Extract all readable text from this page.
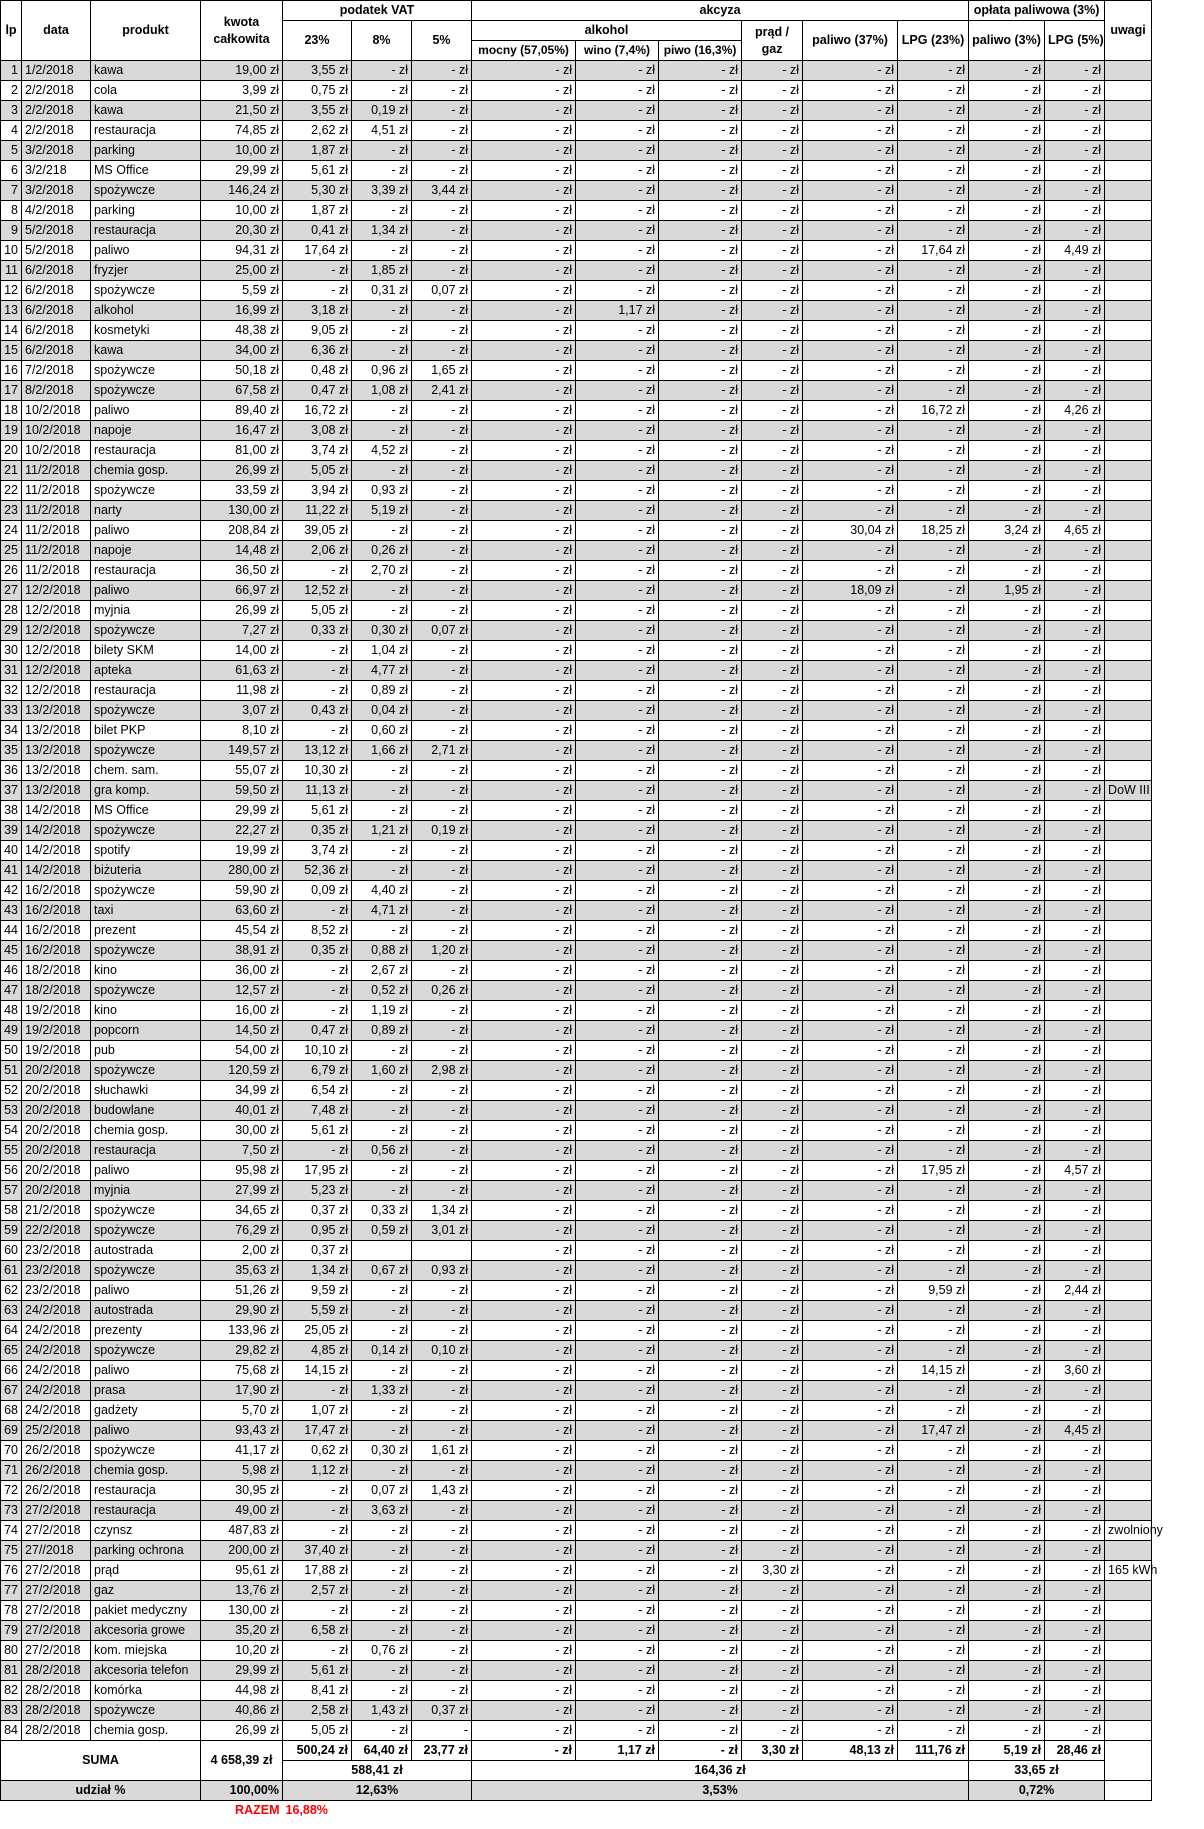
lp	data	produkt	kwota całkowita	podatek VAT			akcyza						opłata paliwowa (3%)		uwagi
				23%	8%	5%	alkohol			prąd / gaz	paliwo (37%)	LPG (23%)	paliwo (3%)	LPG (5%)	
							mocny (57,05%)	wino (7,4%)	piwo (16,3%)						
1	1/2/2018	kawa	19,00 zł	3,55 zł	- zł	- zł	- zł	- zł	- zł	- zł	- zł	- zł	- zł	- zł	
2	2/2/2018	cola	3,99 zł	0,75 zł	- zł	- zł	- zł	- zł	- zł	- zł	- zł	- zł	- zł	- zł	
3	2/2/2018	kawa	21,50 zł	3,55 zł	0,19 zł	- zł	- zł	- zł	- zł	- zł	- zł	- zł	- zł	- zł	
4	2/2/2018	restauracja	74,85 zł	2,62 zł	4,51 zł	- zł	- zł	- zł	- zł	- zł	- zł	- zł	- zł	- zł	
5	3/2/2018	parking	10,00 zł	1,87 zł	- zł	- zł	- zł	- zł	- zł	- zł	- zł	- zł	- zł	- zł	
6	3/2/218	MS Office	29,99 zł	5,61 zł	- zł	- zł	- zł	- zł	- zł	- zł	- zł	- zł	- zł	- zł	
7	3/2/2018	spożywcze	146,24 zł	5,30 zł	3,39 zł	3,44 zł	- zł	- zł	- zł	- zł	- zł	- zł	- zł	- zł	
8	4/2/2018	parking	10,00 zł	1,87 zł	- zł	- zł	- zł	- zł	- zł	- zł	- zł	- zł	- zł	- zł	
9	5/2/2018	restauracja	20,30 zł	0,41 zł	1,34 zł	- zł	- zł	- zł	- zł	- zł	- zł	- zł	- zł	- zł	
10	5/2/2018	paliwo	94,31 zł	17,64 zł	- zł	- zł	- zł	- zł	- zł	- zł	- zł	17,64 zł	- zł	4,49 zł	
11	6/2/2018	fryzjer	25,00 zł	- zł	1,85 zł	- zł	- zł	- zł	- zł	- zł	- zł	- zł	- zł	- zł	
12	6/2/2018	spożywcze	5,59 zł	- zł	0,31 zł	0,07 zł	- zł	- zł	- zł	- zł	- zł	- zł	- zł	- zł	
13	6/2/2018	alkohol	16,99 zł	3,18 zł	- zł	- zł	- zł	1,17 zł	- zł	- zł	- zł	- zł	- zł	- zł	
14	6/2/2018	kosmetyki	48,38 zł	9,05 zł	- zł	- zł	- zł	- zł	- zł	- zł	- zł	- zł	- zł	- zł	
15	6/2/2018	kawa	34,00 zł	6,36 zł	- zł	- zł	- zł	- zł	- zł	- zł	- zł	- zł	- zł	- zł	
16	7/2/2018	spożywcze	50,18 zł	0,48 zł	0,96 zł	1,65 zł	- zł	- zł	- zł	- zł	- zł	- zł	- zł	- zł	
17	8/2/2018	spożywcze	67,58 zł	0,47 zł	1,08 zł	2,41 zł	- zł	- zł	- zł	- zł	- zł	- zł	- zł	- zł	
18	10/2/2018	paliwo	89,40 zł	16,72 zł	- zł	- zł	- zł	- zł	- zł	- zł	- zł	16,72 zł	- zł	4,26 zł	
19	10/2/2018	napoje	16,47 zł	3,08 zł	- zł	- zł	- zł	- zł	- zł	- zł	- zł	- zł	- zł	- zł	
20	10/2/2018	restauracja	81,00 zł	3,74 zł	4,52 zł	- zł	- zł	- zł	- zł	- zł	- zł	- zł	- zł	- zł	
21	11/2/2018	chemia gosp.	26,99 zł	5,05 zł	- zł	- zł	- zł	- zł	- zł	- zł	- zł	- zł	- zł	- zł	
22	11/2/2018	spożywcze	33,59 zł	3,94 zł	0,93 zł	- zł	- zł	- zł	- zł	- zł	- zł	- zł	- zł	- zł	
23	11/2/2018	narty	130,00 zł	11,22 zł	5,19 zł	- zł	- zł	- zł	- zł	- zł	- zł	- zł	- zł	- zł	
24	11/2/2018	paliwo	208,84 zł	39,05 zł	- zł	- zł	- zł	- zł	- zł	- zł	30,04 zł	18,25 zł	3,24 zł	4,65 zł	
25	11/2/2018	napoje	14,48 zł	2,06 zł	0,26 zł	- zł	- zł	- zł	- zł	- zł	- zł	- zł	- zł	- zł	
26	11/2/2018	restauracja	36,50 zł	- zł	2,70 zł	- zł	- zł	- zł	- zł	- zł	- zł	- zł	- zł	- zł	
27	12/2/2018	paliwo	66,97 zł	12,52 zł	- zł	- zł	- zł	- zł	- zł	- zł	18,09 zł	- zł	1,95 zł	- zł	
28	12/2/2018	myjnia	26,99 zł	5,05 zł	- zł	- zł	- zł	- zł	- zł	- zł	- zł	- zł	- zł	- zł	
29	12/2/2018	spożywcze	7,27 zł	0,33 zł	0,30 zł	0,07 zł	- zł	- zł	- zł	- zł	- zł	- zł	- zł	- zł	
30	12/2/2018	bilety SKM	14,00 zł	- zł	1,04 zł	- zł	- zł	- zł	- zł	- zł	- zł	- zł	- zł	- zł	
31	12/2/2018	apteka	61,63 zł	- zł	4,77 zł	- zł	- zł	- zł	- zł	- zł	- zł	- zł	- zł	- zł	
32	12/2/2018	restauracja	11,98 zł	- zł	0,89 zł	- zł	- zł	- zł	- zł	- zł	- zł	- zł	- zł	- zł	
33	13/2/2018	spożywcze	3,07 zł	0,43 zł	0,04 zł	- zł	- zł	- zł	- zł	- zł	- zł	- zł	- zł	- zł	
34	13/2/2018	bilet PKP	8,10 zł	- zł	0,60 zł	- zł	- zł	- zł	- zł	- zł	- zł	- zł	- zł	- zł	
35	13/2/2018	spożywcze	149,57 zł	13,12 zł	1,66 zł	2,71 zł	- zł	- zł	- zł	- zł	- zł	- zł	- zł	- zł	
36	13/2/2018	chem. sam.	55,07 zł	10,30 zł	- zł	- zł	- zł	- zł	- zł	- zł	- zł	- zł	- zł	- zł	
37	13/2/2018	gra komp.	59,50 zł	11,13 zł	- zł	- zł	- zł	- zł	- zł	- zł	- zł	- zł	- zł	- zł	DoW III
38	14/2/2018	MS Office	29,99 zł	5,61 zł	- zł	- zł	- zł	- zł	- zł	- zł	- zł	- zł	- zł	- zł	
39	14/2/2018	spożywcze	22,27 zł	0,35 zł	1,21 zł	0,19 zł	- zł	- zł	- zł	- zł	- zł	- zł	- zł	- zł	
40	14/2/2018	spotify	19,99 zł	3,74 zł	- zł	- zł	- zł	- zł	- zł	- zł	- zł	- zł	- zł	- zł	
41	14/2/2018	biżuteria	280,00 zł	52,36 zł	- zł	- zł	- zł	- zł	- zł	- zł	- zł	- zł	- zł	- zł	
42	16/2/2018	spożywcze	59,90 zł	0,09 zł	4,40 zł	- zł	- zł	- zł	- zł	- zł	- zł	- zł	- zł	- zł	
43	16/2/2018	taxi	63,60 zł	- zł	4,71 zł	- zł	- zł	- zł	- zł	- zł	- zł	- zł	- zł	- zł	
44	16/2/2018	prezent	45,54 zł	8,52 zł	- zł	- zł	- zł	- zł	- zł	- zł	- zł	- zł	- zł	- zł	
45	16/2/2018	spożywcze	38,91 zł	0,35 zł	0,88 zł	1,20 zł	- zł	- zł	- zł	- zł	- zł	- zł	- zł	- zł	
46	18/2/2018	kino	36,00 zł	- zł	2,67 zł	- zł	- zł	- zł	- zł	- zł	- zł	- zł	- zł	- zł	
47	18/2/2018	spożywcze	12,57 zł	- zł	0,52 zł	0,26 zł	- zł	- zł	- zł	- zł	- zł	- zł	- zł	- zł	
48	19/2/2018	kino	16,00 zł	- zł	1,19 zł	- zł	- zł	- zł	- zł	- zł	- zł	- zł	- zł	- zł	
49	19/2/2018	popcorn	14,50 zł	0,47 zł	0,89 zł	- zł	- zł	- zł	- zł	- zł	- zł	- zł	- zł	- zł	
50	19/2/2018	pub	54,00 zł	10,10 zł	- zł	- zł	- zł	- zł	- zł	- zł	- zł	- zł	- zł	- zł	
51	20/2/2018	spożywcze	120,59 zł	6,79 zł	1,60 zł	2,98 zł	- zł	- zł	- zł	- zł	- zł	- zł	- zł	- zł	
52	20/2/2018	słuchawki	34,99 zł	6,54 zł	- zł	- zł	- zł	- zł	- zł	- zł	- zł	- zł	- zł	- zł	
53	20/2/2018	budowlane	40,01 zł	7,48 zł	- zł	- zł	- zł	- zł	- zł	- zł	- zł	- zł	- zł	- zł	
54	20/2/2018	chemia gosp.	30,00 zł	5,61 zł	- zł	- zł	- zł	- zł	- zł	- zł	- zł	- zł	- zł	- zł	
55	20/2/2018	restauracja	7,50 zł	- zł	0,56 zł	- zł	- zł	- zł	- zł	- zł	- zł	- zł	- zł	- zł	
56	20/2/2018	paliwo	95,98 zł	17,95 zł	- zł	- zł	- zł	- zł	- zł	- zł	- zł	17,95 zł	- zł	4,57 zł	
57	20/2/2018	myjnia	27,99 zł	5,23 zł	- zł	- zł	- zł	- zł	- zł	- zł	- zł	- zł	- zł	- zł	
58	21/2/2018	spożywcze	34,65 zł	0,37 zł	0,33 zł	1,34 zł	- zł	- zł	- zł	- zł	- zł	- zł	- zł	- zł	
59	22/2/2018	spożywcze	76,29 zł	0,95 zł	0,59 zł	3,01 zł	- zł	- zł	- zł	- zł	- zł	- zł	- zł	- zł	
60	23/2/2018	autostrada	2,00 zł	0,37 zł			- zł	- zł	- zł	- zł	- zł	- zł	- zł	- zł	
61	23/2/2018	spożywcze	35,63 zł	1,34 zł	0,67 zł	0,93 zł	- zł	- zł	- zł	- zł	- zł	- zł	- zł	- zł	
62	23/2/2018	paliwo	51,26 zł	9,59 zł	- zł	- zł	- zł	- zł	- zł	- zł	- zł	9,59 zł	- zł	2,44 zł	
63	24/2/2018	autostrada	29,90 zł	5,59 zł	- zł	- zł	- zł	- zł	- zł	- zł	- zł	- zł	- zł	- zł	
64	24/2/2018	prezenty	133,96 zł	25,05 zł	- zł	- zł	- zł	- zł	- zł	- zł	- zł	- zł	- zł	- zł	
65	24/2/2018	spożywcze	29,82 zł	4,85 zł	0,14 zł	0,10 zł	- zł	- zł	- zł	- zł	- zł	- zł	- zł	- zł	
66	24/2/2018	paliwo	75,68 zł	14,15 zł	- zł	- zł	- zł	- zł	- zł	- zł	- zł	14,15 zł	- zł	3,60 zł	
67	24/2/2018	prasa	17,90 zł	- zł	1,33 zł	- zł	- zł	- zł	- zł	- zł	- zł	- zł	- zł	- zł	
68	24/2/2018	gadżety	5,70 zł	1,07 zł	- zł	- zł	- zł	- zł	- zł	- zł	- zł	- zł	- zł	- zł	
69	25/2/2018	paliwo	93,43 zł	17,47 zł	- zł	- zł	- zł	- zł	- zł	- zł	- zł	17,47 zł	- zł	4,45 zł	
70	26/2/2018	spożywcze	41,17 zł	0,62 zł	0,30 zł	1,61 zł	- zł	- zł	- zł	- zł	- zł	- zł	- zł	- zł	
71	26/2/2018	chemia gosp.	5,98 zł	1,12 zł	- zł	- zł	- zł	- zł	- zł	- zł	- zł	- zł	- zł	- zł	
72	26/2/2018	restauracja	30,95 zł	- zł	0,07 zł	1,43 zł	- zł	- zł	- zł	- zł	- zł	- zł	- zł	- zł	
73	27/2/2018	restauracja	49,00 zł	- zł	3,63 zł	- zł	- zł	- zł	- zł	- zł	- zł	- zł	- zł	- zł	
74	27/2/2018	czynsz	487,83 zł	- zł	- zł	- zł	- zł	- zł	- zł	- zł	- zł	- zł	- zł	- zł	zwolniony
75	27//2018	parking ochrona	200,00 zł	37,40 zł	- zł	- zł	- zł	- zł	- zł	- zł	- zł	- zł	- zł	- zł	
76	27/2/2018	prąd	95,61 zł	17,88 zł	- zł	- zł	- zł	- zł	- zł	3,30 zł	- zł	- zł	- zł	- zł	165 kWh
77	27/2/2018	gaz	13,76 zł	2,57 zł	- zł	- zł	- zł	- zł	- zł	- zł	- zł	- zł	- zł	- zł	
78	27/2/2018	pakiet medyczny	130,00 zł	- zł	- zł	- zł	- zł	- zł	- zł	- zł	- zł	- zł	- zł	- zł	
79	27/2/2018	akcesoria growe	35,20 zł	6,58 zł	- zł	- zł	- zł	- zł	- zł	- zł	- zł	- zł	- zł	- zł	
80	27/2/2018	kom. miejska	10,20 zł	- zł	0,76 zł	- zł	- zł	- zł	- zł	- zł	- zł	- zł	- zł	- zł	
81	28/2/2018	akcesoria telefon	29,99 zł	5,61 zł	- zł	- zł	- zł	- zł	- zł	- zł	- zł	- zł	- zł	- zł	
82	28/2/2018	komórka	44,98 zł	8,41 zł	- zł	- zł	- zł	- zł	- zł	- zł	- zł	- zł	- zł	- zł	
83	28/2/2018	spożywcze	40,86 zł	2,58 zł	1,43 zł	0,37 zł	- zł	- zł	- zł	- zł	- zł	- zł	- zł	- zł	
84	28/2/2018	chemia gosp.	26,99 zł	5,05 zł	- zł	-	- zł	- zł	- zł	- zł	- zł	- zł	- zł	- zł	
SUMA			4 658,39 zł	500,24 zł	64,40 zł	23,77 zł	- zł	1,17 zł	- zł	3,30 zł	48,13 zł	111,76 zł	5,19 zł	28,46 zł	
				588,41 zł			164,36 zł						33,65 zł		
udział %			100,00%	12,63%			3,53%						0,72%		
			RAZEM	16,88%											
